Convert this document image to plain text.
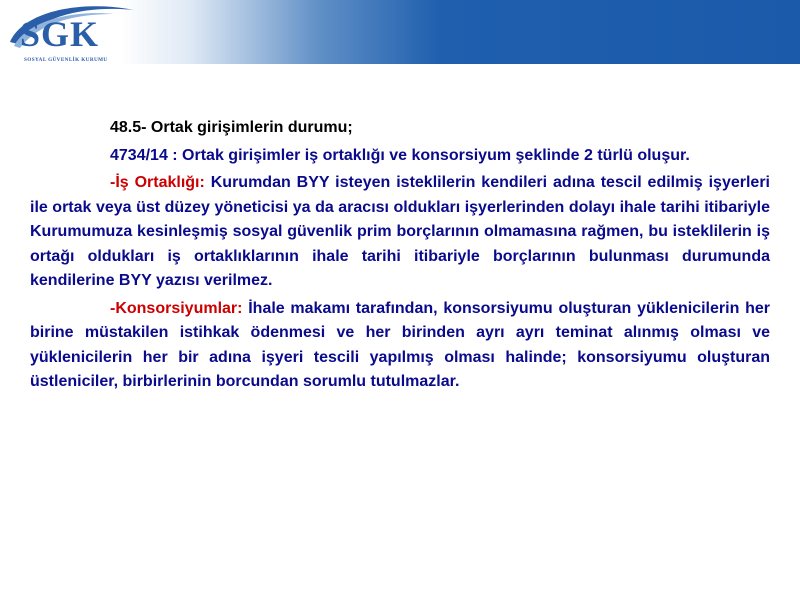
SGK
SOSYAL GÜVENLİK KURUMU

48.5- Ortak girişimlerin durumu;

4734/14 : Ortak girişimler iş ortaklığı ve konsorsiyum şeklinde 2 türlü oluşur.

-İş Ortaklığı: Kurumdan BYY isteyen isteklilerin kendileri adına tescil edilmiş işyerleri ile ortak veya üst düzey yöneticisi ya da aracısı oldukları işyerlerinden dolayı ihale tarihi itibariyle Kurumumuza kesinleşmiş sosyal güvenlik prim borçlarının olmamasına rağmen, bu isteklilerin iş ortağı oldukları iş ortaklıklarının ihale tarihi itibariyle borçlarının bulunması durumunda kendilerine BYY yazısı verilmez.

-Konsorsiyumlar: İhale makamı tarafından, konsorsiyumu oluşturan yüklenicilerin her birine müstakilen istihkak ödenmesi ve her birinden ayrı ayrı teminat alınmış olması ve yüklenicilerin her bir adına işyeri tescili yapılmış olması halinde; konsorsiyumu oluşturan üstleniciler, birbirlerinin borcundan sorumlu tutulmazlar.
